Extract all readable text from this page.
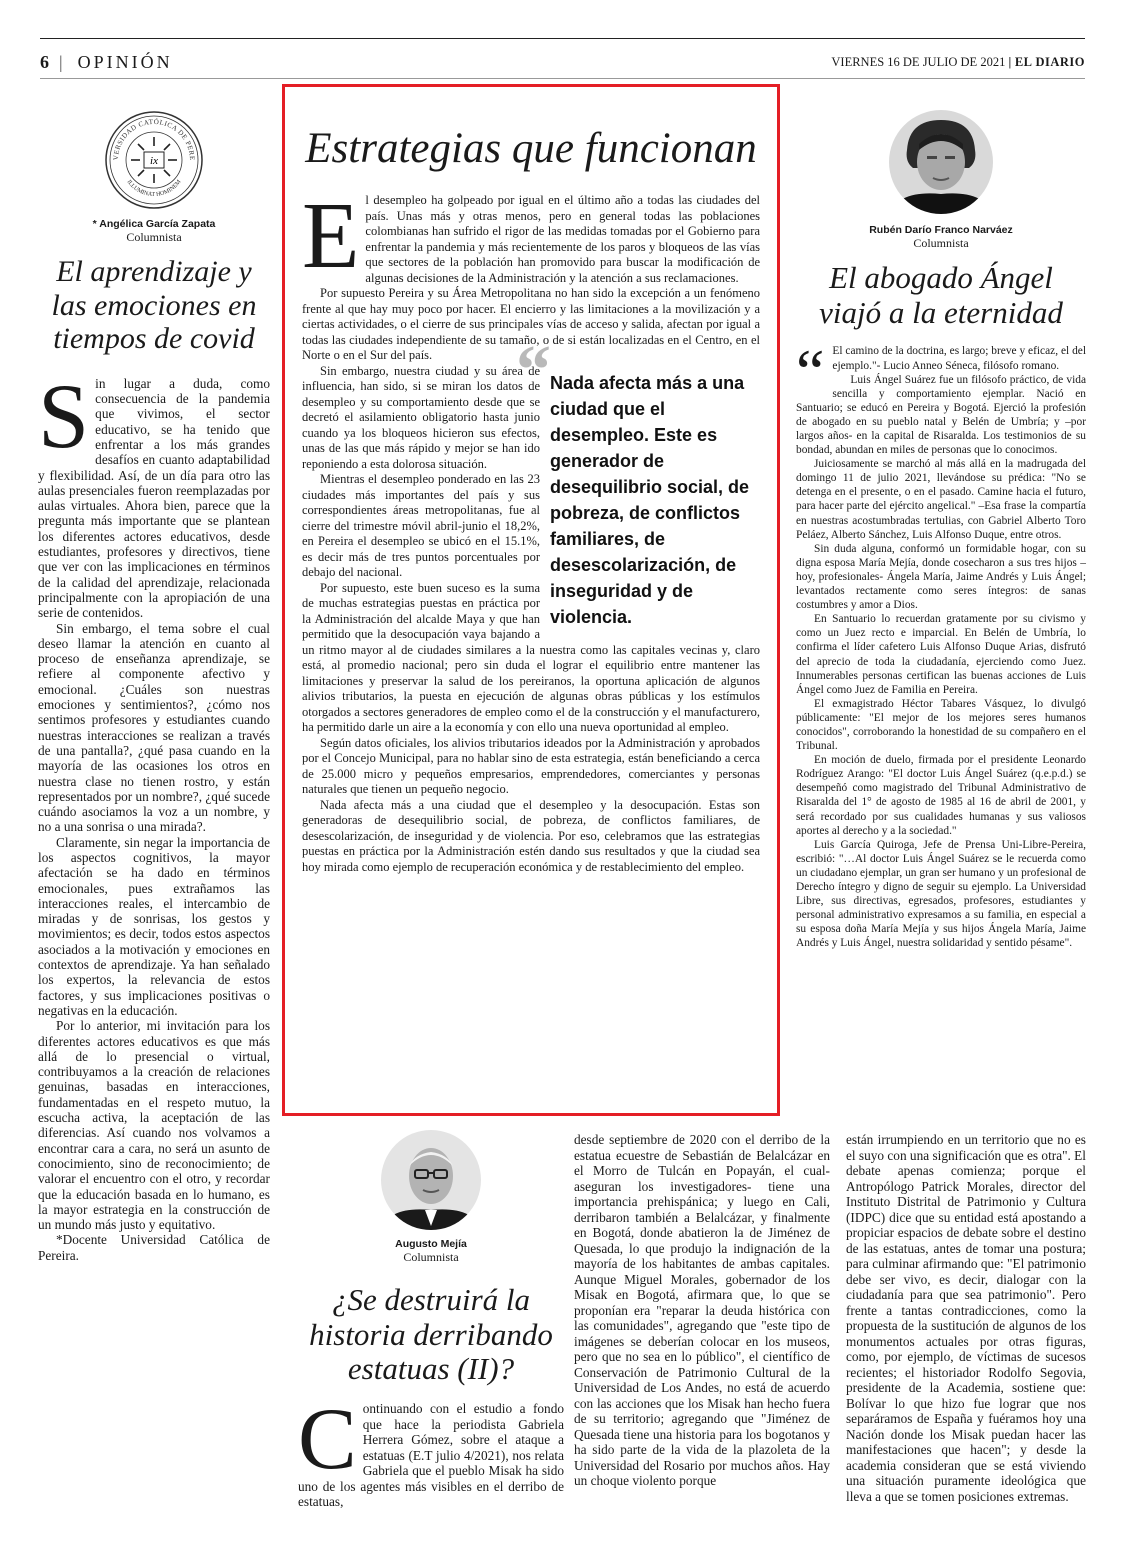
6 | OPINIÓN	VIERNES 16 DE JULIO DE 2021 | EL DIARIO
VERSIDAD CATÓLICA DE PERE
ILLUMINAT HOMINEM
ix
* Angélica García Zapata
Columnista
El aprendizaje y las emociones en tiempos de covid
S in lugar a duda, como consecuencia de la pandemia que vivimos, el sector educativo, se ha tenido que enfrentar a los más grandes desafíos en cuanto adaptabilidad y flexibilidad. Así, de un día para otro las aulas presenciales fueron reemplazadas por aulas virtuales. Ahora bien, parece que la pregunta más importante que se plantean los diferentes actores educativos, desde estudiantes, profesores y directivos, tiene que ver con las implicaciones en términos de la calidad del aprendizaje, relacionada principalmente con la apropiación de una serie de contenidos.

Sin embargo, el tema sobre el cual deseo llamar la atención en cuanto al proceso de enseñanza aprendizaje, se refiere al componente afectivo y emocional. ¿Cuáles son nuestras emociones y sentimientos?, ¿cómo nos sentimos profesores y estudiantes cuando nuestras interacciones se realizan a través de una pantalla?, ¿qué pasa cuando en la mayoría de las ocasiones los otros en nuestra clase no tienen rostro, y están representados por un nombre?, ¿qué sucede cuándo asociamos la voz a un nombre, y no a una sonrisa o una mirada?.

Claramente, sin negar la importancia de los aspectos cognitivos, la mayor afectación se ha dado en términos emocionales, pues extrañamos las interacciones reales, el intercambio de miradas y de sonrisas, los gestos y movimientos; es decir, todos estos aspectos asociados a la motivación y emociones en contextos de aprendizaje. Ya han señalado los expertos, la relevancia de estos factores, y sus implicaciones positivas o negativas en la educación.

Por lo anterior, mi invitación para los diferentes actores educativos es que más allá de lo presencial o virtual, contribuyamos a la creación de relaciones genuinas, basadas en interacciones, fundamentadas en el respeto mutuo, la escucha activa, la aceptación de las diferencias. Así cuando nos volvamos a encontrar cara a cara, no será un asunto de conocimiento, sino de reconocimiento; de valorar el encuentro con el otro, y recordar que la educación basada en lo humano, es la mayor estrategia en la construcción de un mundo más justo y equitativo.

*Docente Universidad Católica de Pereira.

Estrategias que funcionan
E l desempleo ha golpeado por igual en el último año a todas las ciudades del país. Unas más y otras menos, pero en general todas las poblaciones colombianas han sufrido el rigor de las medidas tomadas por el Gobierno para enfrentar la pandemia y más recientemente de los paros y bloqueos de las vías que sectores de la población han promovido para buscar la modificación de algunas decisiones de la Administración y la atención a sus reclamaciones.

Por supuesto Pereira y su Área Metropolitana no han sido la excepción a un fenómeno frente al que hay muy poco por hacer. El encierro y las limitaciones a la movilización y a ciertas actividades, o el cierre de sus principales vías de acceso y salida, afectan por igual a todas las ciudades independiente de su tamaño, o de si están localizadas en el Centro, en el Norte o en el Sur del país.	“ Nada afecta más a una ciudad que el desempleo. Este es generador de desequilibrio social, de pobreza, de conflictos familiares, de desescolarización, de inseguridad y de violencia.

Sin embargo, nuestra ciudad y su área de influencia, han sido, si se miran los datos de desempleo y su comportamiento desde que se decretó el asilamiento obligatorio hasta junio cuando ya los bloqueos hicieron sus efectos, unas de las que más rápido y mejor se han ido reponiendo a esta dolorosa situación.

Mientras el desempleo ponderado en las 23 ciudades más importantes del país y sus correspondientes áreas metropolitanas, fue al cierre del trimestre móvil abril-junio el 18,2%, en Pereira el desempleo se ubicó en el 15.1%, es decir más de tres puntos porcentuales por debajo del nacional.

Por supuesto, este buen suceso es la suma de muchas estrategias puestas en práctica por la Administración del alcalde Maya y que han permitido que la desocupación vaya bajando a un ritmo mayor al de ciudades similares a la nuestra como las capitales vecinas y, claro está, al promedio nacional; pero sin duda el lograr el equilibrio entre mantener las limitaciones y preservar la salud de los pereiranos, la oportuna aplicación de algunos alivios tributarios, la puesta en ejecución de algunas obras públicas y los estímulos otorgados a sectores generadores de empleo como el de la construcción y el manufacturero, ha permitido darle un aire a la economía y con ello una nueva oportunidad al empleo.

Según datos oficiales, los alivios tributarios ideados por la Administración y aprobados por el Concejo Municipal, para no hablar sino de esta estrategia, están beneficiando a cerca de 25.000 micro y pequeños empresarios, emprendedores, comerciantes y personas naturales que tienen un pequeño negocio.

Nada afecta más a una ciudad que el desempleo y la desocupación. Estas son generadoras de desequilibrio social, de pobreza, de conflictos familiares, de desescolarización, de inseguridad y de violencia. Por eso, celebramos que las estrategias puestas en práctica por la Administración estén dando sus resultados y que la ciudad sea hoy mirada como ejemplo de recuperación económica y de restablecimiento del empleo.

Rubén Darío Franco Narváez
Columnista
El abogado Ángel viajó a la eternidad
“ El camino de la doctrina, es largo; breve y eficaz, el del ejemplo."- Lucio Anneo Séneca, filósofo romano.

Luis Ángel Suárez fue un filósofo práctico, de vida sencilla y comportamiento ejemplar. Nació en Santuario; se educó en Pereira y Bogotá. Ejerció la profesión de abogado en su pueblo natal y Belén de Umbría; y –por largos años- en la capital de Risaralda. Los testimonios de su bondad, abundan en miles de personas que lo conocimos.

Juiciosamente se marchó al más allá en la madrugada del domingo 11 de julio 2021, llevándose su prédica: "No se detenga en el presente, o en el pasado. Camine hacia el futuro, para hacer parte del ejército angelical." –Esa frase la compartía en nuestras acostumbradas tertulias, con Gabriel Alberto Toro Peláez, Alberto Sánchez, Luis Alfonso Duque, entre otros.

Sin duda alguna, conformó un formidable hogar, con su digna esposa María Mejía, donde cosecharon a sus tres hijos –hoy, profesionales- Ángela María, Jaime Andrés y Luis Ángel; levantados rectamente como seres íntegros: de sanas costumbres y amor a Dios.

En Santuario lo recuerdan gratamente por su civismo y como un Juez recto e imparcial. En Belén de Umbría, lo confirma el líder cafetero Luis Alfonso Duque Arias, disfrutó del aprecio de toda la ciudadanía, ejerciendo como Juez. Innumerables personas certifican las buenas acciones de Luis Ángel como Juez de Familia en Pereira.

El exmagistrado Héctor Tabares Vásquez, lo divulgó públicamente: "El mejor de los mejores seres humanos conocidos", corroborando la honestidad de su compañero en el Tribunal.

En moción de duelo, firmada por el presidente Leonardo Rodríguez Arango: "El doctor Luis Ángel Suárez (q.e.p.d.) se desempeñó como magistrado del Tribunal Administrativo de Risaralda del 1° de agosto de 1985 al 16 de abril de 2001, y será recordado por sus cualidades humanas y sus valiosos aportes al derecho y a la sociedad."

Luis García Quiroga, Jefe de Prensa Uni-Libre-Pereira, escribió: "…Al doctor Luis Ángel Suárez se le recuerda como un ciudadano ejemplar, un gran ser humano y un profesional de Derecho íntegro y digno de seguir su ejemplo. La Universidad Libre, sus directivas, egresados, profesores, estudiantes y personal administrativo expresamos a su familia, en especial a su esposa doña María Mejía y sus hijos Ángela María, Jaime Andrés y Luis Ángel, nuestra solidaridad y sentido pésame".

Augusto Mejía
Columnista
¿Se destruirá la historia derribando estatuas (II)?
C ontinuando con el estudio a fondo que hace la periodista Gabriela Herrera Gómez, sobre el ataque a estatuas (E.T julio 4/2021), nos relata Gabriela que el pueblo Misak ha sido uno de los agentes más visibles en el derribo de estatuas,

desde septiembre de 2020 con el derribo de la estatua ecuestre de Sebastián de Belalcázar en el Morro de Tulcán en Popayán, el cual- aseguran los investigadores- tiene una importancia prehispánica; y luego en Cali, derribaron también a Belalcázar, y finalmente en Bogotá, donde abatieron la de Jiménez de Quesada, lo que produjo la indignación de la mayoría de los habitantes de ambas capitales. Aunque Miguel Morales, gobernador de los Misak en Bogotá, afirmara que, lo que se proponían era "reparar la deuda histórica con las comunidades", agregando que "este tipo de imágenes se deberían colocar en los museos, pero que no sea en lo público", el científico de Conservación de Patrimonio Cultural de la Universidad de Los Andes, no está de acuerdo con las acciones que los Misak han hecho fuera de su territorio; agregando que "Jiménez de Quesada tiene una historia para los bogotanos y ha sido parte de la vida de la plazoleta de la Universidad del Rosario por muchos años. Hay un choque violento porque

están irrumpiendo en un territorio que no es el suyo con una significación que es otra". El debate apenas comienza; porque el Antropólogo Patrick Morales, director del Instituto Distrital de Patrimonio y Cultura (IDPC) dice que su entidad está apostando a propiciar espacios de debate sobre el destino de las estatuas, antes de tomar una postura; para culminar afirmando que: "El patrimonio debe ser vivo, es decir, dialogar con la ciudadanía para que sea patrimonio". Pero frente a tantas contradicciones, como la propuesta de la sustitución de algunos de los monumentos actuales por otras figuras, como, por ejemplo, de víctimas de sucesos recientes; el historiador Rodolfo Segovia, presidente de la Academia, sostiene que: Bolívar lo que hizo fue lograr que nos separáramos de España y fuéramos hoy una Nación donde los Misak puedan hacer las manifestaciones que hacen"; y desde la academia consideran que se está viviendo una situación puramente ideológica que lleva a que se tomen posiciones extremas.
